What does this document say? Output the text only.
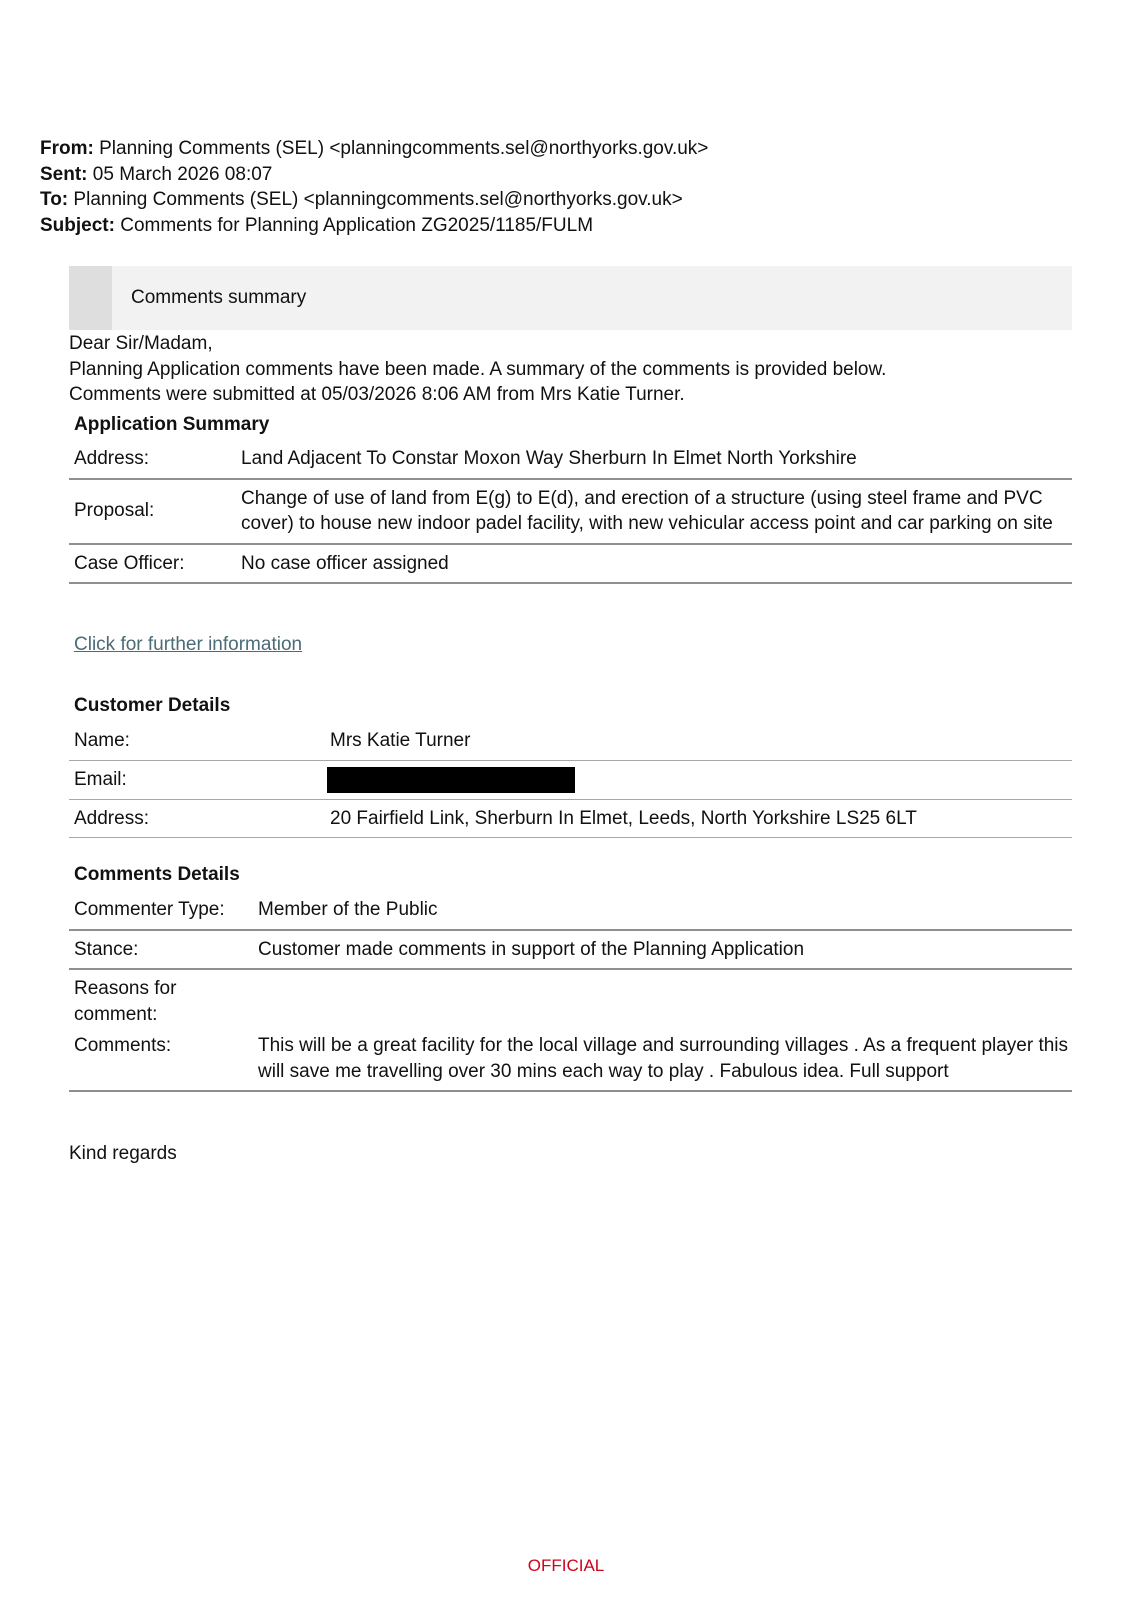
From: Planning Comments (SEL) <planningcomments.sel@northyorks.gov.uk>
Sent: 05 March 2026 08:07
To: Planning Comments (SEL) <planningcomments.sel@northyorks.gov.uk>
Subject: Comments for Planning Application ZG2025/1185/FULM
Comments summary
Dear Sir/Madam,
Planning Application comments have been made. A summary of the comments is provided below.
Comments were submitted at 05/03/2026 8:06 AM from Mrs Katie Turner.
Application Summary
Address:	Land Adjacent To Constar Moxon Way Sherburn In Elmet North Yorkshire
Proposal:
Change of use of land from E(g) to E(d), and erection of a structure (using steel frame and PVC cover) to house new indoor padel facility, with new vehicular access point and car parking on site
Case Officer:	No case officer assigned
Click for further information
Customer Details
Name:	Mrs Katie Turner
Email:
Address:	20 Fairfield Link, Sherburn In Elmet, Leeds, North Yorkshire LS25 6LT
Comments Details
Commenter Type:	Member of the Public
Stance:	Customer made comments in support of the Planning Application
Reasons for comment:
Comments:	This will be a great facility for the local village and surrounding villages . As a frequent player this will save me travelling over 30 mins each way to play . Fabulous idea. Full support
Kind regards
OFFICIAL
